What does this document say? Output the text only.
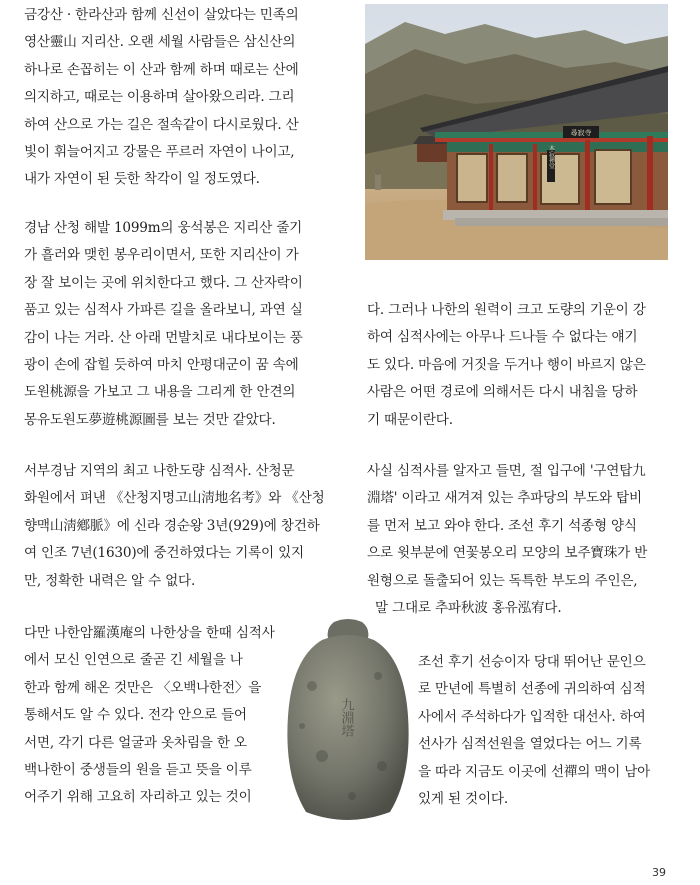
금강산 · 한라산과 함께 신선이 살았다는 민족의
영산靈山 지리산. 오랜 세월 사람들은 삼신산의
하나로 손꼽히는 이 산과 함께 하며 때로는 산에
의지하고, 때로는 이용하며 살아왔으리라. 그리
하여 산으로 가는 길은 절속같이 다시로웠다. 산
빛이 휘늘어지고 강물은 푸르러 자연이 나이고,
내가 자연이 된 듯한 착각이 일 정도였다.
경남 산청 해발 1099m의 웅석봉은 지리산 줄기
가 흘러와 맺힌 봉우리이면서, 또한 지리산이 가
장 잘 보이는 곳에 위치한다고 했다. 그 산자락이
품고 있는 심적사 가파른 길을 올라보니, 과연 실
감이 나는 거라. 산 아래 먼발치로 내다보이는 풍
광이 손에 잡힐 듯하여 마치 안평대군이 꿈 속에
도원桃源을 가보고 그 내용을 그리게 한 안견의
몽유도원도夢遊桃源圖를 보는 것만 같았다.
서부경남 지역의 최고 나한도량 심적사. 산청문
화원에서 펴낸 《산청지명고山淸地名考》와 《산청
향맥山淸鄕脈》에 신라 경순왕 3년(929)에 창건하
여 인조 7년(1630)에 중건하였다는 기록이 있지
만, 정확한 내력은 알 수 없다.
다만 나한암羅漢庵의 나한상을 한때 심적사
에서 모신 인연으로 줄곧 긴 세월을 나
한과 함께 해온 것만은 〈오백나한전〉을
통해서도 알 수 있다. 전각 안으로 들어
서면, 각기 다른 얼굴과 옷차림을 한 오
백나한이 중생들의 원을 듣고 뜻을 이루
어주기 위해 고요히 자리하고 있는 것이
다. 그러나 나한의 원력이 크고 도량의 기운이 강
하여 심적사에는 아무나 드나들 수 없다는 얘기
도 있다. 마음에 거짓을 두거나 행이 바르지 않은
사람은 어떤 경로에 의해서든 다시 내침을 당하
기 때문이란다.
사실 심적사를 알자고 들면, 절 입구에 '구연탑九
淵塔' 이라고 새겨져 있는 추파당의 부도와 탑비
를 먼저 보고 와야 한다. 조선 후기 석종형 양식
으로 윗부분에 연꽃봉오리 모양의 보주寶珠가 반
원형으로 돌출되어 있는 독특한 부도의 주인은,
말 그대로 추파秋波 홍유泓宥다.
조선 후기 선승이자 당대 뛰어난 문인으
로 만년에 특별히 선종에 귀의하여 심적
사에서 주석하다가 입적한 대선사. 하여
선사가 심적선원을 열었다는 어느 기록
을 따라 지금도 이곳에 선禪의 맥이 남아
있게 된 것이다.
尋寂寺
木寂禪堂
九淵塔
39
